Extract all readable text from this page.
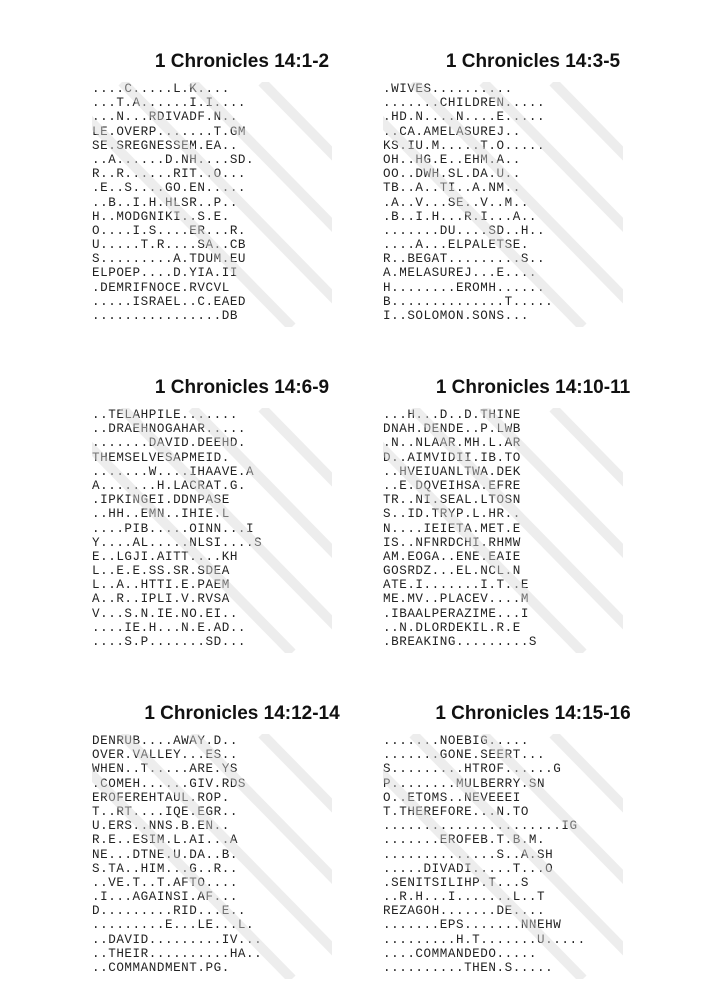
1 Chronicles 14:1-2
....C.....L.K....
...T.A......I.I....
...N...RDIVADF.N..
LE.OVERP.......T.GM
SE.SREGNESSEM.EA..
..A......D.NH....SD.
R..R......RIT..O...
.E..S....GO.EN.....
..B..I.H.HLSR..P..
H..MODGNIKI..S.E.
O....I.S....ER...R.
U.....T.R....SA..CB
S.........A.TDUM.EU
ELPOEP....D.YIA.II
.DEMRIFNOCE.RVCVL
.....ISRAEL..C.EAED
................DB
1 Chronicles 14:3-5
.WIVES..........
.......CHILDREN.....
.HD.N....N....E.....
..CA.AMELASUREJ..
KS.IU.M.....T.O.....
OH..HG.E..EHM.A..
OO..DWH.SL.DA.U..
TB..A..TI..A.NM..
.A..V...SE..V..M..
.B..I.H...R.I...A..
.......DU....SD..H..
....A...ELPALETSE.
R..BEGAT.........S..
A.MELASUREJ...E....
H........EROMH......
B..............T.....
I..SOLOMON.SONS...
1 Chronicles 14:6-9
..TELAHPILE.......
..DRAEHNOGAHAR.....
.......DAVID.DEEHD.
THEMSELVESAPMEID.
.......W....IHAAVE.A
A.......H.LACRAT.G.
.IPKINGEI.DDNPASE
..HH..EMN..IHIE.L
....PIB.....OINN...I
Y....AL.....NLSI....S
E..LGJI.AITT....KH
L..E.E.SS.SR.SDEA
L..A..HTTI.E.PAEM
A..R..IPLI.V.RVSA
V...S.N.IE.NO.EI..
....IE.H...N.E.AD..
....S.P.......SD...
1 Chronicles 14:10-11
...H...D..D.THINE
DNAH.DENDE..P.LWB
.N..NLAAR.MH.L.AR
D..AIMVIDII.IB.TO
..HVEIUANLTWA.DEK
..E.DQVEIHSA.EFRE
TR..NI.SEAL.LTOSN
S..ID.TRYP.L.HR..
N....IEIETA.MET.E
IS..NFNRDCHI.RHMW
AM.EOGA..ENE.EAIE
GOSRDZ...EL.NCL.N
ATE.I.......I.T..E
ME.MV..PLACEV....M
.IBAALPERAZIME...I
..N.DLORDEKIL.R.E
.BREAKING.........S
1 Chronicles 14:12-14
DENRUB....AWAY.D..
OVER.VALLEY...ES..
WHEN..T.....ARE.YS
.COMEH......GIV.RDS
EROFEREHTAUL.ROP.
T..RT....IQE.EGR..
U.ERS..NNS.B.EN..
R.E..ESIM.L.AI...A
NE...DTNE.U.DA..B.
S.TA..HIM...G..R..
..VE.T..T.AFTO....
.I...AGAINSI.AF...
D.........RID...E..
.........E...LE...L.
..DAVID.........IV...
..THEIR..........HA..
..COMMANDMENT.PG.
1 Chronicles 14:15-16
.......NOEBIG.....
.......GONE.SEERT...
S.........HTROF......G
P........MULBERRY.SN
O..ETOMS..NEVEEEI
T.THEREFORE...N.TO
......................IG
.......EROFEB.T.B.M.
..............S..A.SH
.....DIVADI.....T...O
.SENITSILIHP.T...S
..R.H...I.......L..T
REZAGOH.......DE....
.......EPS.......NNEHW
.........H.T.......U.....
....COMMANDEDO.....
..........THEN.S.....
